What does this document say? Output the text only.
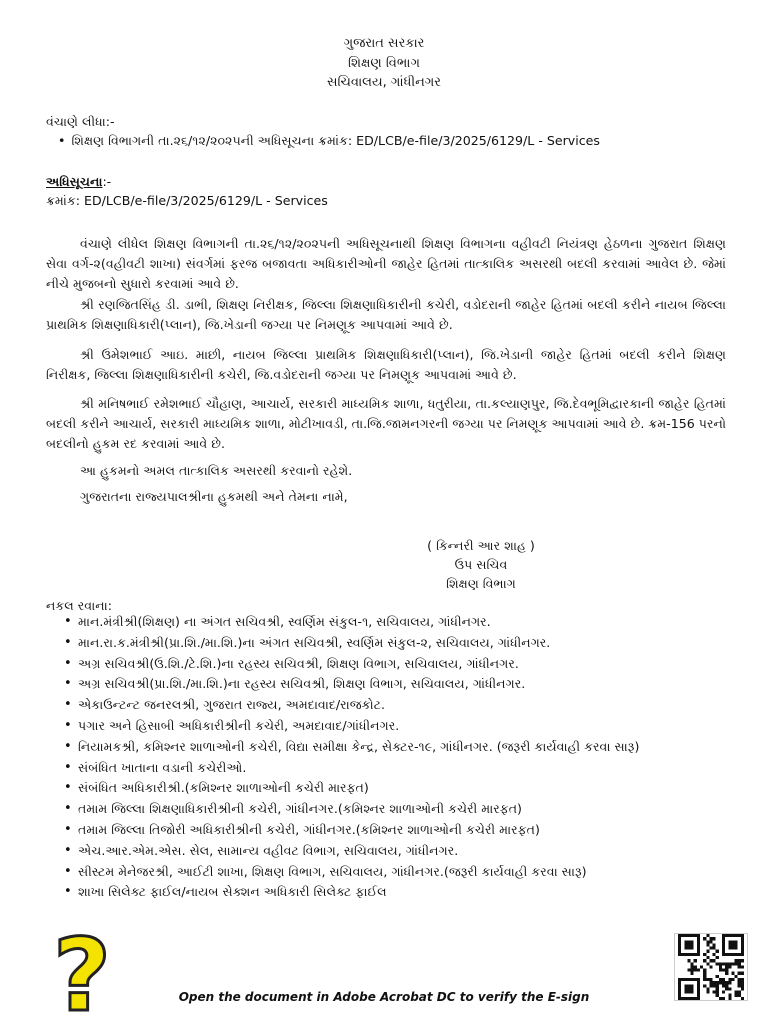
ગુજરાત સરકાર
શિક્ષણ વિભાગ
સચિવાલય, ગાંધીનગર
વંચાણે લીધા:-
• શિક્ષણ વિભાગની તા.૨૬/૧૨/૨૦૨૫ની અધિસૂચના ક્રમાંક: ED/LCB/e-file/3/2025/6129/L - Services
અધિસૂચના:-
ક્રમાંક: ED/LCB/e-file/3/2025/6129/L - Services
વંચાણે લીધેલ શિક્ષણ વિભાગની તા.૨૬/૧૨/૨૦૨૫ની અધિસૂચનાથી શિક્ષણ વિભાગના વહીવટી નિયંત્રણ હેઠળના ગુજરાત શિક્ષણ સેવા વર્ગ-૨(વહીવટી શાખા) સંવર્ગમાં ફરજ બજાવતા અધિકારીઓની જાહેર હિતમાં તાત્કાલિક અસરથી બદલી કરવામાં આવેલ છે. જેમાં નીચે મુજબનો સુધારો કરવામાં આવે છે.
શ્રી રણજિતસિંહ ડી. ડાભી, શિક્ષણ નિરીક્ષક, જિલ્લા શિક્ષણાધિકારીની કચેરી, વડોદરાની જાહેર હિતમાં બદલી કરીને નાયબ જિલ્લા પ્રાથમિક શિક્ષણાધિકારી(પ્લાન), જિ.ખેડાની જગ્યા પર નિમણૂક આપવામાં આવે છે.
શ્રી ઉમેશભાઈ આઇ. માછી, નાયબ જિલ્લા પ્રાથમિક શિક્ષણાધિકારી(પ્લાન), જિ.ખેડાની જાહેર હિતમાં બદલી કરીને શિક્ષણ નિરીક્ષક, જિલ્લા શિક્ષણાધિકારીની કચેરી, જિ.વડોદરાની જગ્યા પર નિમણૂક આપવામાં આવે છે.
શ્રી મનિષભાઈ રમેશભાઈ ચૌહાણ, આચાર્ય, સરકારી માધ્યમિક શાળા, ધતુરીયા, તા.કલ્યાણપુર, જિ.દેવભૂમિદ્વારકાની જાહેર હિતમાં બદલી કરીને આચાર્ય, સરકારી માધ્યમિક શાળા, મોટીખાવડી, તા.જિ.જામનગરની જગ્યા પર નિમણૂક આપવામાં આવે છે. ક્રમ-156 પરનો બદલીનો હુકમ રદ કરવામાં આવે છે.
આ હુકમનો અમલ તાત્કાલિક અસરથી કરવાનો રહેશે.
ગુજરાતના રાજ્યપાલશ્રીના હુકમથી અને તેમના નામે,
( કિન્નરી આર શાહ )
ઉપ સચિવ
શિક્ષણ વિભાગ
નકલ રવાના:
• માન.મંત્રીશ્રી(શિક્ષણ) ના અંગત સચિવશ્રી, સ્વર્ણિમ સંકુલ-૧, સચિવાલય, ગાંધીનગર.
• માન.રા.ક.મંત્રીશ્રી(પ્રા.શિ./મા.શિ.)ના અંગત સચિવશ્રી, સ્વર્ણિમ સંકુલ-૨, સચિવાલય, ગાંધીનગર.
• અગ્ર સચિવશ્રી(ઉ.શિ./ટે.શિ.)ના રહસ્ય સચિવશ્રી, શિક્ષણ વિભાગ, સચિવાલય, ગાંધીનગર.
• અગ્ર સચિવશ્રી(પ્રા.શિ./મા.શિ.)ના રહસ્ય સચિવશ્રી, શિક્ષણ વિભાગ, સચિવાલય, ગાંધીનગર.
• એકાઉન્ટન્ટ જનરલશ્રી, ગુજરાત રાજ્ય, અમદાવાદ/રાજકોટ.
• પગાર અને હિસાબી અધિકારીશ્રીની કચેરી, અમદાવાદ/ગાંધીનગર.
• નિયામકશ્રી, કમિશ્નર શાળાઓની કચેરી, વિદ્યા સમીક્ષા કેન્દ્ર, સેક્ટર-૧૯, ગાંધીનગર. (જરૂરી કાર્યવાહી કરવા સારૂ)
• સંબંધિત ખાતાના વડાની કચેરીઓ.
• સંબંધિત અધિકારીશ્રી.(કમિશ્નર શાળાઓની કચેરી મારફત)
• તમામ જિલ્લા શિક્ષણાધિકારીશ્રીની કચેરી, ગાંધીનગર.(કમિશ્નર શાળાઓની કચેરી મારફત)
• તમામ જિલ્લા તિજોરી અધિકારીશ્રીની કચેરી, ગાંધીનગર.(કમિશ્નર શાળાઓની કચેરી મારફત)
• એચ.આર.એમ.એસ. સેલ, સામાન્ય વહીવટ વિભાગ, સચિવાલય, ગાંધીનગર.
• સીસ્ટમ મેનેજરશ્રી, આઈટી શાખા, શિક્ષણ વિભાગ, સચિવાલય, ગાંધીનગર.(જરૂરી કાર્યવાહી કરવા સારૂ)
• શાખા સિલેક્ટ ફાઈલ/નાયબ સેક્શન અધિકારી સિલેક્ટ ફાઈલ
?	Open the document in Adobe Acrobat DC to verify the E-sign
